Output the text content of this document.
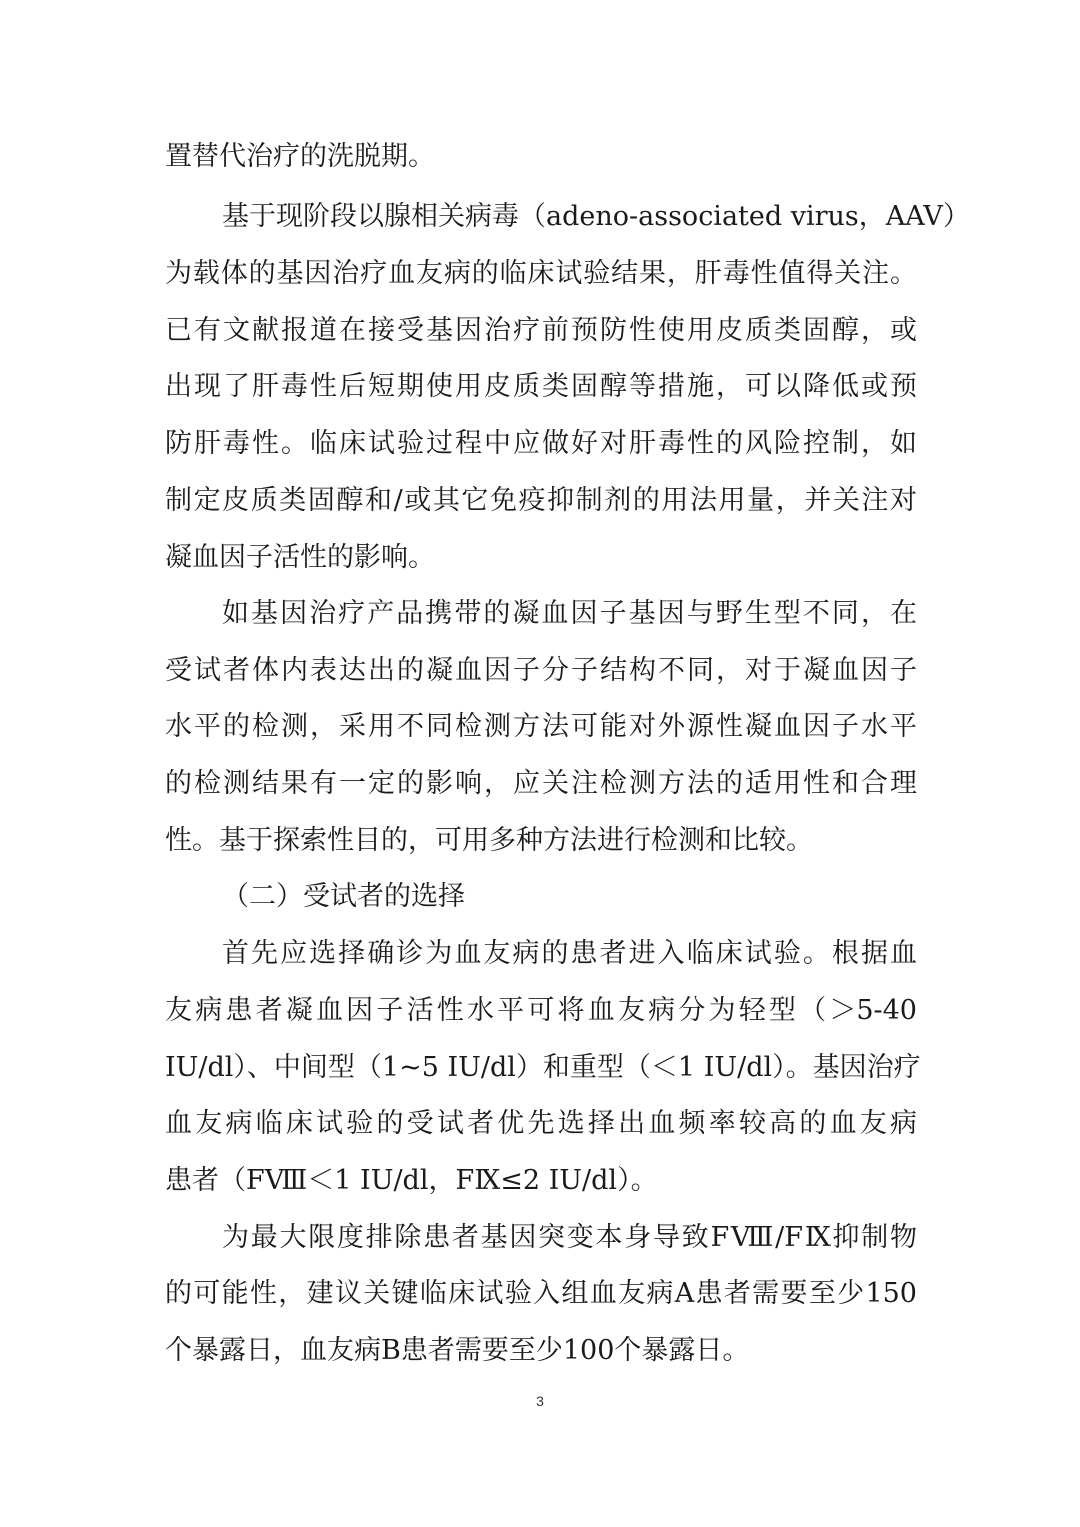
置替代治疗的洗脱期。
基于现阶段以腺相关病毒（adeno-associated virus，AAV）
为载体的基因治疗血友病的临床试验结果，肝毒性值得关注。
已有文献报道在接受基因治疗前预防性使用皮质类固醇，或
出现了肝毒性后短期使用皮质类固醇等措施，可以降低或预
防肝毒性。临床试验过程中应做好对肝毒性的风险控制，如
制定皮质类固醇和/或其它免疫抑制剂的用法用量，并关注对
凝血因子活性的影响。
如基因治疗产品携带的凝血因子基因与野生型不同，在
受试者体内表达出的凝血因子分子结构不同，对于凝血因子
水平的检测，采用不同检测方法可能对外源性凝血因子水平
的检测结果有一定的影响，应关注检测方法的适用性和合理
性。基于探索性目的，可用多种方法进行检测和比较。
（二）受试者的选择
首先应选择确诊为血友病的患者进入临床试验。根据血
友病患者凝血因子活性水平可将血友病分为轻型（＞5-40
IU/dl）、中间型（1~5 IU/dl）和重型（＜1 IU/dl）。基因治疗
血友病临床试验的受试者优先选择出血频率较高的血友病
患者（FⅧ＜1 IU/dl，FⅨ≤2 IU/dl）。
为最大限度排除患者基因突变本身导致FⅧ/FⅨ抑制物
的可能性，建议关键临床试验入组血友病A患者需要至少150
个暴露日，血友病B患者需要至少100个暴露日。
3
